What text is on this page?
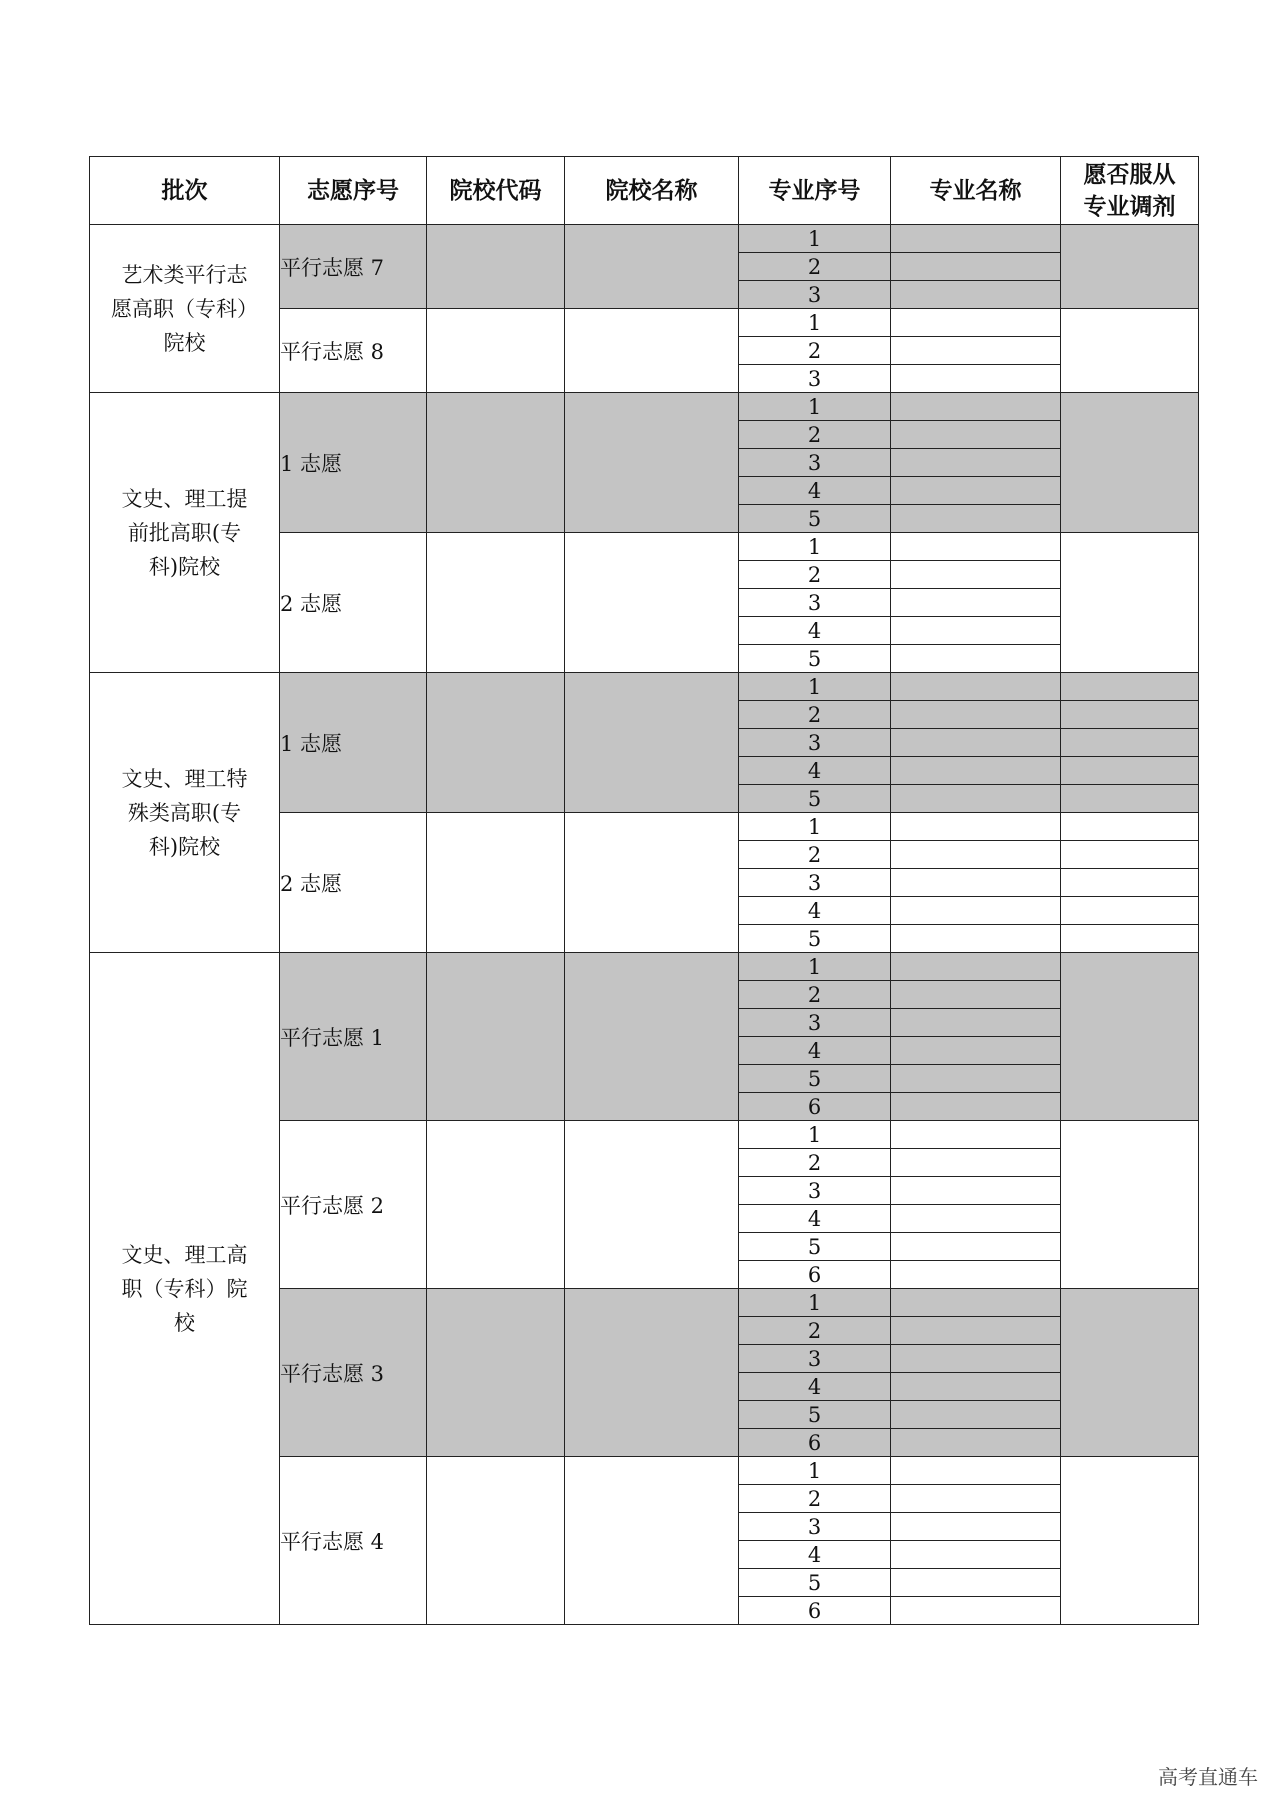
批次	志愿序号	院校代码	院校名称	专业序号	专业名称	愿否服从
专业调剂
艺术类平行志
愿高职（专科）
院校	平行志愿 7			1		
				2		
				3		
	平行志愿 8			1		
				2		
				3		
文史、理工提
前批高职(专
科)院校	1 志愿			1		
				2		
				3		
				4		
				5		
	2 志愿			1		
				2		
				3		
				4		
				5		
文史、理工特
殊类高职(专
科)院校	1 志愿			1		
				2		
				3		
				4		
				5		
	2 志愿			1		
				2		
				3		
				4		
				5		
文史、理工高
职（专科）院
校	平行志愿 1			1		
				2		
				3		
				4		
				5		
				6		
	平行志愿 2			1		
				2		
				3		
				4		
				5		
				6		
	平行志愿 3			1		
				2		
				3		
				4		
				5		
				6		
	平行志愿 4			1		
				2		
				3		
				4		
				5		
				6		
高考直通车
